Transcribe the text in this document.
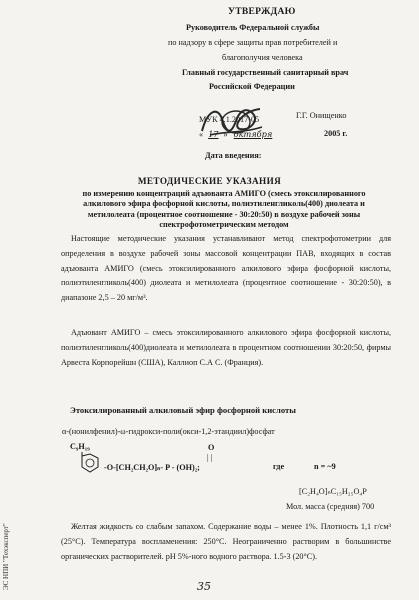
УТВЕРЖДАЮ
Руководитель Федеральной службы
по надзору в сфере защиты прав потребителей и
благополучия человека
Главный государственный санитарный врач
Российской Федерации
Г.Г. Онищенко
МУК 4.1.2017-05
« 17 » октября	2005 г.
Дата введения:
МЕТОДИЧЕСКИЕ УКАЗАНИЯ
по измерению концентраций адъюванта АМИГО (смесь этоксилированного алкилового эфира фосфорной кислоты, полиэтиленгликоль(400) диолеата и метилолеата (процентное соотношение - 30:20:50) в воздухе рабочей зоны спектрофотометрическим методом
Настоящие методические указания устанавливают метод спектрофотометрии для определения в воздухе рабочей зоны массовой концентрации ПАВ, входящих в состав адъюванта АМИГО (смесь этоксилированного алкилового эфира фосфорной кислоты, полиэтиленгликоль(400) диолеата и метилолеата (процентное соотношение - 30:20:50), в диапазоне 2,5 – 20 мг/м³.
Адъювант АМИГО – смесь этоксилированного алкилового эфира фосфорной кислоты, полиэтиленгликоль(400)диолеата и метилолеата в процентном соотношении 30:20:50, фирмы Арвеста Корпорейшн (США), Каллиоп С.А С. (Франция).
Этоксилированный алкиловый эфир фосфорной кислоты
α-(нонилфенил)-ω-гидрокси-поли(окси-1,2-этандиил)фосфат
C₉H₁₉	O
| |
-O-[CH₂CH₂O]ₙ- P - (OH)₂;	где	n = ~9
[C₂H₄O]ₙC₁₅H₂₅O₄P
Мол. масса (средняя) 700
Желтая жидкость со слабым запахом. Содержание воды – менее 1%. Плотность 1,1 г/см³ (25°С). Температура воспламенения: 250°С. Неограниченно растворим в большинстве органических растворителей. pH 5%-ного водного раствора. 1.5-3 (20°С).
ЭС НПИ "Техэксперт"	35
